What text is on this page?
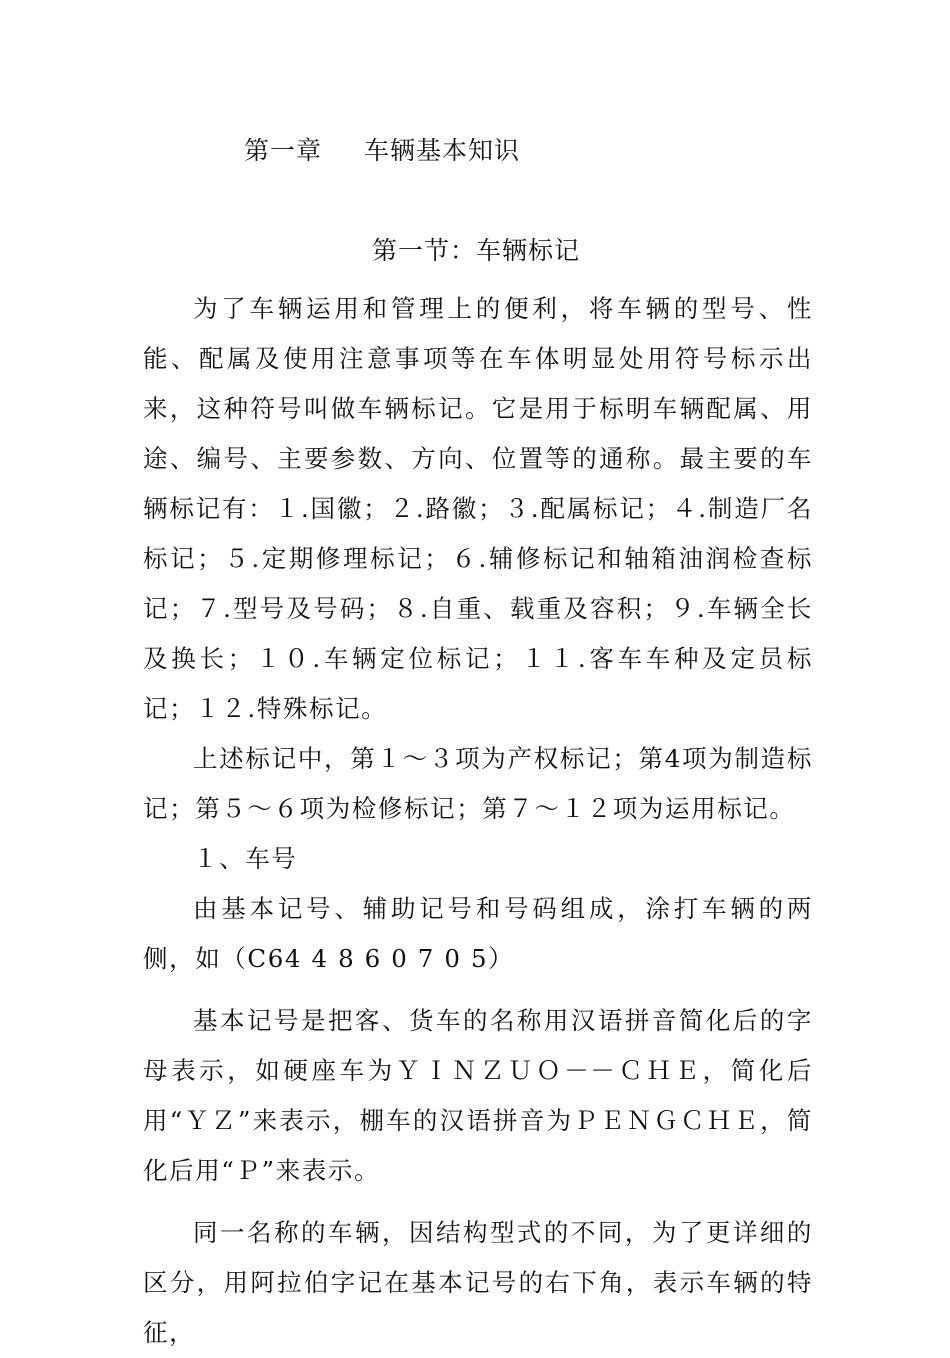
第一章 车辆基本知识
第一节：车辆标记

为了车辆运用和管理上的便利，将车辆的型号、性能、配属及使用注意事项等在车体明显处用符号标示出来，这种符号叫做车辆标记。它是用于标明车辆配属、用途、编号、主要参数、方向、位置等的通称。最主要的车辆标记有：１.国徽；２.路徽；３.配属标记；４.制造厂名标记；５.定期修理标记；６.辅修标记和轴箱油润检查标记；７.型号及号码；８.自重、载重及容积；９.车辆全长及换长；１０.车辆定位标记；１１.客车车种及定员标记；１２.特殊标记。

上述标记中，第１～３项为产权标记；第4项为制造标记；第５～６项为检修标记；第７～１２项为运用标记。

１、车号

由基本记号、辅助记号和号码组成，涂打车辆的两侧，如（C64 4 8 6 0 7 0 5）

基本记号是把客、货车的名称用汉语拼音简化后的字母表示，如硬座车为ＹＩＮＺＵＯ－－ＣＨＥ，简化后用“ＹＺ”来表示，棚车的汉语拼音为ＰＥＮＧＣＨＥ，简化后用“Ｐ”来表示。

同一名称的车辆，因结构型式的不同，为了更详细的区分，用阿拉伯字记在基本记号的右下角，表示车辆的特征，
